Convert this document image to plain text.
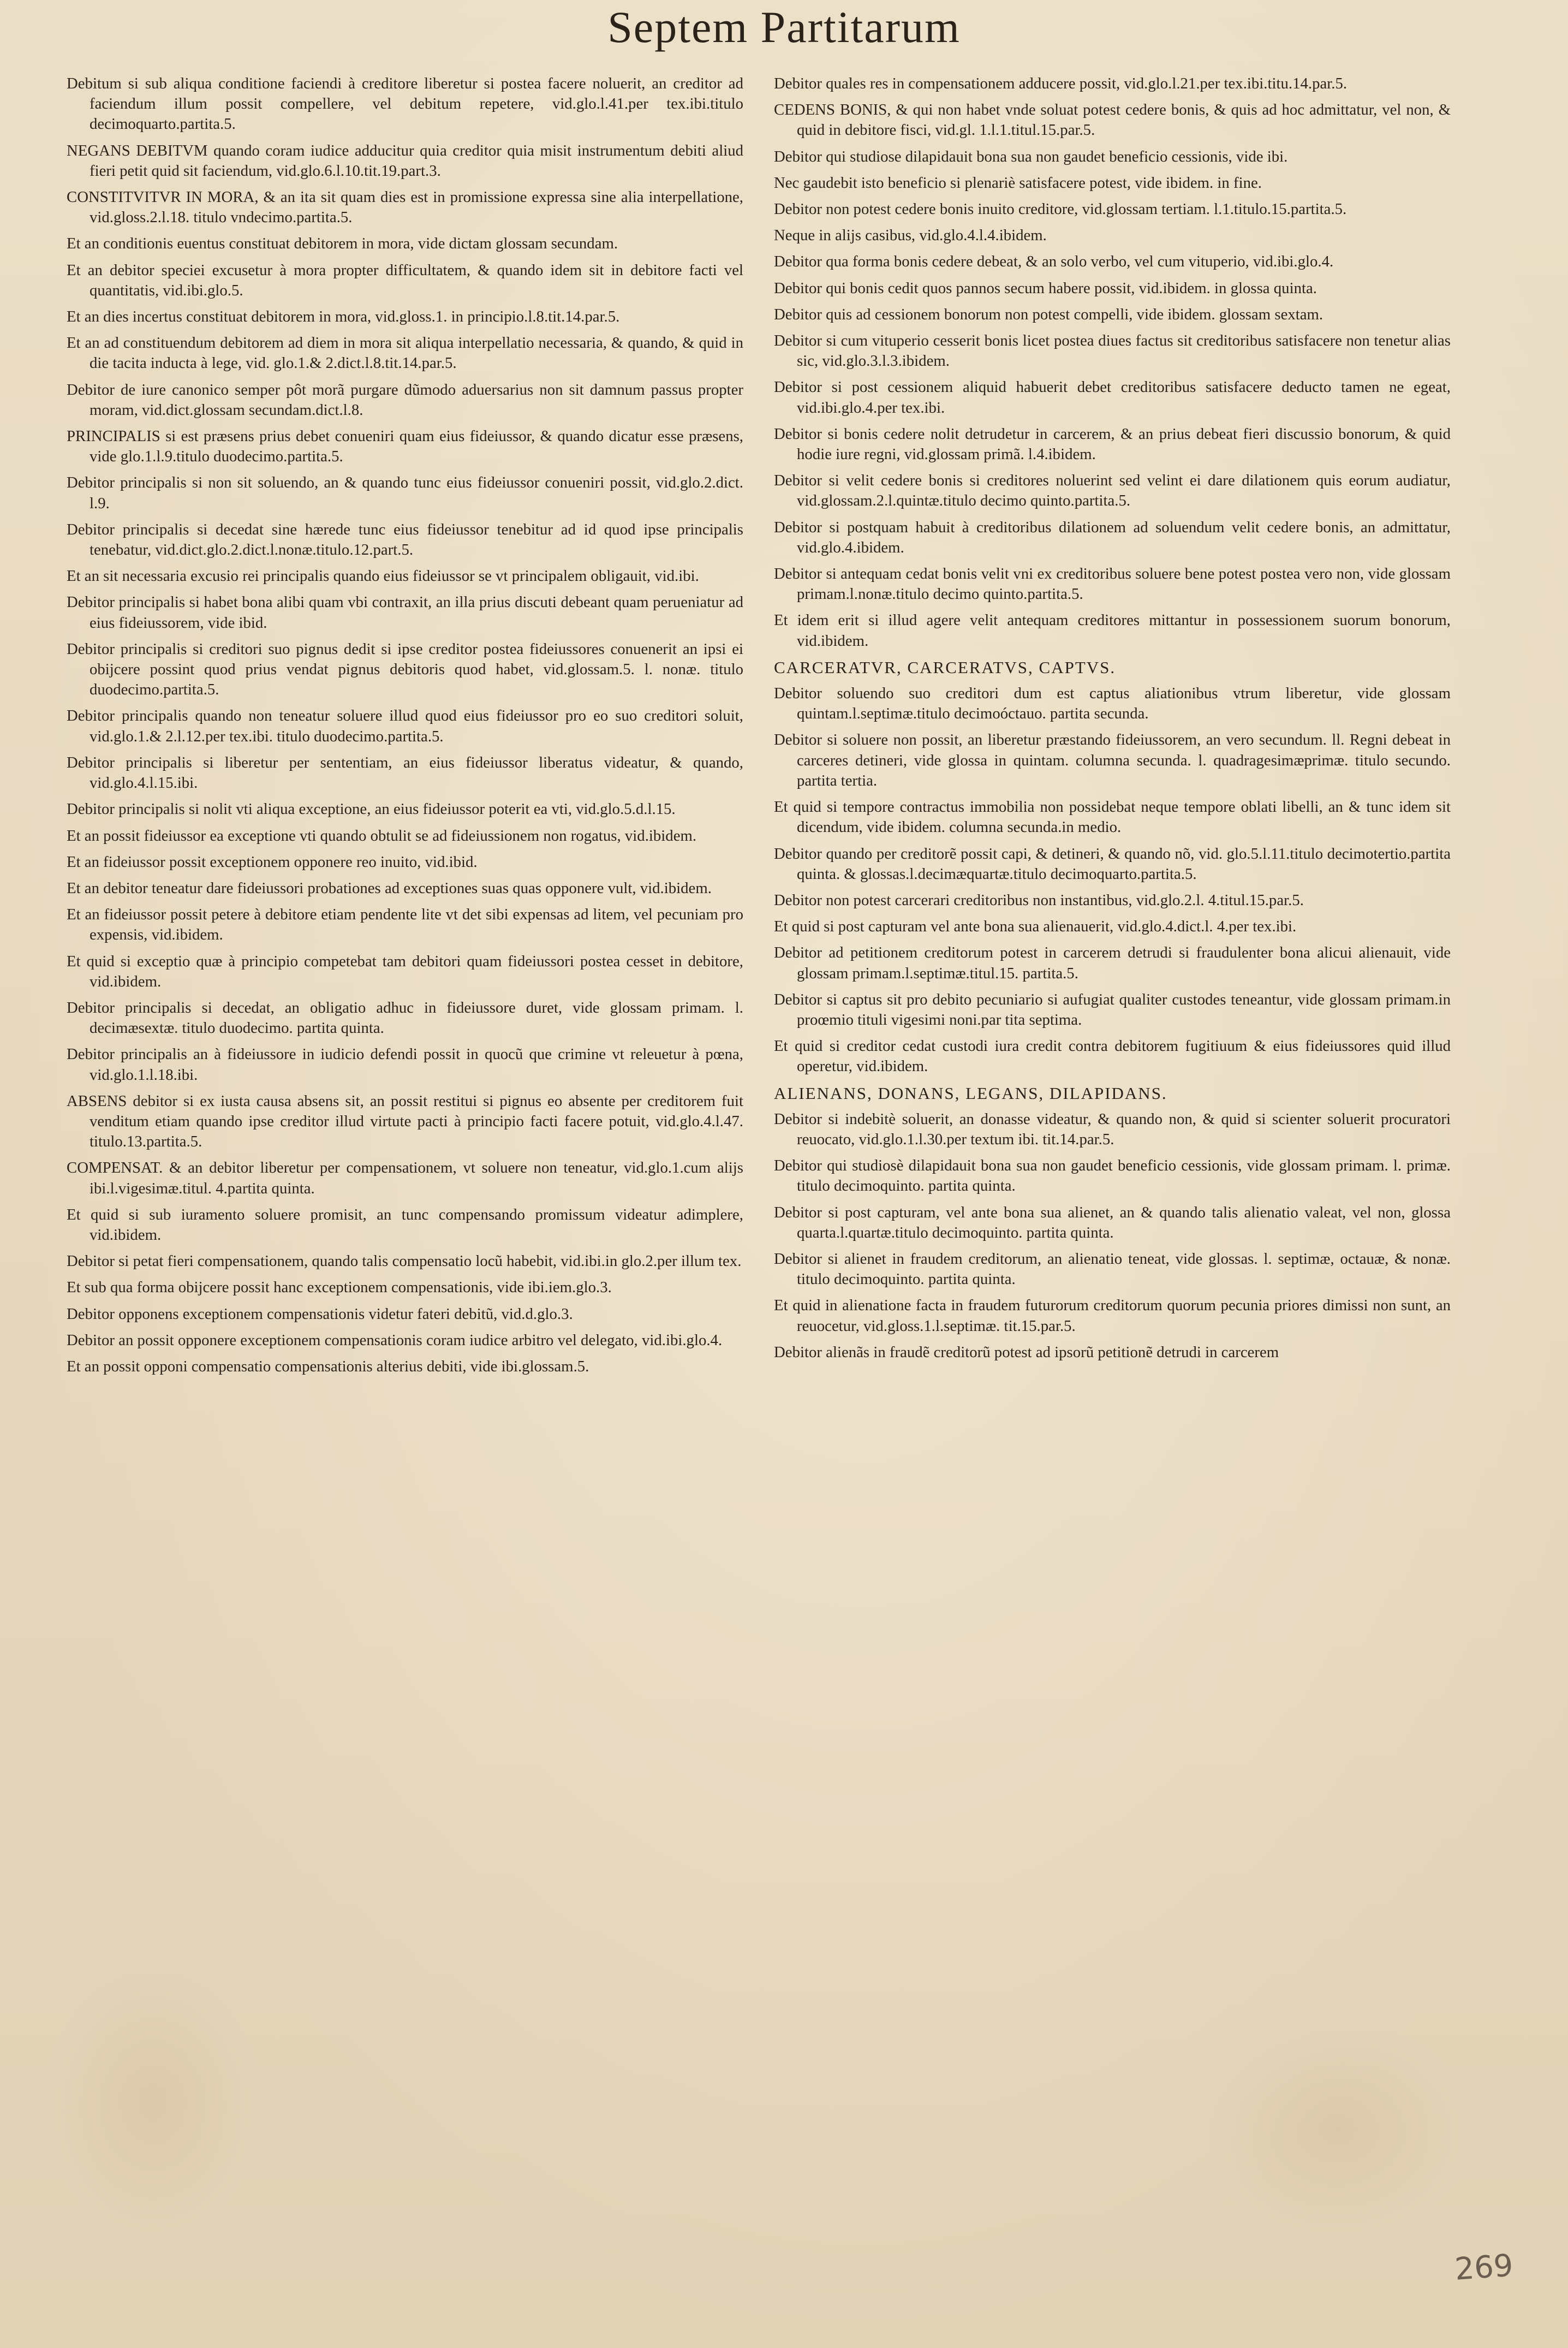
Septem Partitarum

Debitum si sub aliqua conditione faciendi à creditore liberetur si postea facere noluerit, an creditor ad faciendum illum possit compellere, vel debitum repetere, vid.glo.l.41.per tex.ibi.titulo decimoquarto.partita.5.

NEGANS DEBITVM quando coram iudice adducitur quia creditor quia misit instrumentum debiti aliud fieri petit quid sit faciendum, vid.glo.6.l.10.tit.19.part.3.

CONSTITVITVR IN MORA, & an ita sit quam dies est in promissione expressa sine alia interpellatione, vid.gloss.2.l.18. titulo vndecimo.partita.5.

Et an conditionis euentus constituat debitorem in mora, vide dictam glossam secundam.

Et an debitor speciei excusetur à mora propter difficultatem, & quando idem sit in debitore facti vel quantitatis, vid.ibi.glo.5.

Et an dies incertus constituat debitorem in mora, vid.gloss.1. in principio.l.8.tit.14.par.5.

Et an ad constituendum debitorem ad diem in mora sit aliqua interpellatio necessaria, & quando, & quid in die tacita inducta à lege, vid. glo.1.& 2.dict.l.8.tit.14.par.5.

Debitor de iure canonico semper pôt morã purgare dũmodo aduersarius non sit damnum passus propter moram, vid.dict.glossam secundam.dict.l.8.

PRINCIPALIS si est præsens prius debet conueniri quam eius fideiussor, & quando dicatur esse præsens, vide glo.1.l.9.titulo duodecimo.partita.5.

Debitor principalis si non sit soluendo, an & quando tunc eius fideiussor conueniri possit, vid.glo.2.dict. l.9.

Debitor principalis si decedat sine hærede tunc eius fideiussor tenebitur ad id quod ipse principalis tenebatur, vid.dict.glo.2.dict.l.nonæ.titulo.12.part.5.

Et an sit necessaria excusio rei principalis quando eius fideiussor se vt principalem obligauit, vid.ibi.

Debitor principalis si habet bona alibi quam vbi contraxit, an illa prius discuti debeant quam perueniatur ad eius fideiussorem, vide ibid.

Debitor principalis si creditori suo pignus dedit si ipse creditor postea fideiussores conuenerit an ipsi ei obijcere possint quod prius vendat pignus debitoris quod habet, vid.glossam.5. l. nonæ. titulo duodecimo.partita.5.

Debitor principalis quando non teneatur soluere illud quod eius fideiussor pro eo suo creditori soluit, vid.glo.1.& 2.l.12.per tex.ibi. titulo duodecimo.partita.5.

Debitor principalis si liberetur per sententiam, an eius fideiussor liberatus videatur, & quando, vid.glo.4.l.15.ibi.

Debitor principalis si nolit vti aliqua exceptione, an eius fideiussor poterit ea vti, vid.glo.5.d.l.15.

Et an possit fideiussor ea exceptione vti quando obtulit se ad fideiussionem non rogatus, vid.ibidem.

Et an fideiussor possit exceptionem opponere reo inuito, vid.ibid.

Et an debitor teneatur dare fideiussori probationes ad exceptiones suas quas opponere vult, vid.ibidem.

Et an fideiussor possit petere à debitore etiam pendente lite vt det sibi expensas ad litem, vel pecuniam pro expensis, vid.ibidem.

Et quid si exceptio quæ à principio competebat tam debitori quam fideiussori postea cesset in debitore, vid.ibidem.

Debitor principalis si decedat, an obligatio adhuc in fideiussore duret, vide glossam primam. l. decimæsextæ. titulo duodecimo. partita quinta.

Debitor principalis an à fideiussore in iudicio defendi possit in quocũ que crimine vt releuetur à pœna, vid.glo.1.l.18.ibi.

ABSENS debitor si ex iusta causa absens sit, an possit restitui si pignus eo absente per creditorem fuit venditum etiam quando ipse creditor illud virtute pacti à principio facti facere potuit, vid.glo.4.l.47. titulo.13.partita.5.

COMPENSAT. & an debitor liberetur per compensationem, vt soluere non teneatur, vid.glo.1.cum alijs ibi.l.vigesimæ.titul. 4.partita quinta.

Et quid si sub iuramento soluere promisit, an tunc compensando promissum videatur adimplere, vid.ibidem.

Debitor si petat fieri compensationem, quando talis compensatio locũ habebit, vid.ibi.in glo.2.per illum tex.

Et sub qua forma obijcere possit hanc exceptionem compensationis, vide ibi.iem.glo.3.

Debitor opponens exceptionem compensationis videtur fateri debitũ, vid.d.glo.3.

Debitor an possit opponere exceptionem compensationis coram iudice arbitro vel delegato, vid.ibi.glo.4.

Et an possit opponi compensatio compensationis alterius debiti, vide ibi.glossam.5.

Debitor quales res in compensationem adducere possit, vid.glo.l.21.per tex.ibi.titu.14.par.5.

CEDENS BONIS, & qui non habet vnde soluat potest cedere bonis, & quis ad hoc admittatur, vel non, & quid in debitore fisci, vid.gl. 1.l.1.titul.15.par.5.

Debitor qui studiose dilapidauit bona sua non gaudet beneficio cessionis, vide ibi.

Nec gaudebit isto beneficio si plenariè satisfacere potest, vide ibidem. in fine.

Debitor non potest cedere bonis inuito creditore, vid.glossam tertiam. l.1.titulo.15.partita.5.

Neque in alijs casibus, vid.glo.4.l.4.ibidem.

Debitor qua forma bonis cedere debeat, & an solo verbo, vel cum vituperio, vid.ibi.glo.4.

Debitor qui bonis cedit quos pannos secum habere possit, vid.ibidem. in glossa quinta.

Debitor quis ad cessionem bonorum non potest compelli, vide ibidem. glossam sextam.

Debitor si cum vituperio cesserit bonis licet postea diues factus sit creditoribus satisfacere non tenetur alias sic, vid.glo.3.l.3.ibidem.

Debitor si post cessionem aliquid habuerit debet creditoribus satisfacere deducto tamen ne egeat, vid.ibi.glo.4.per tex.ibi.

Debitor si bonis cedere nolit detrudetur in carcerem, & an prius debeat fieri discussio bonorum, & quid hodie iure regni, vid.glossam primã. l.4.ibidem.

Debitor si velit cedere bonis si creditores noluerint sed velint ei dare dilationem quis eorum audiatur, vid.glossam.2.l.quintæ.titulo decimo quinto.partita.5.

Debitor si postquam habuit à creditoribus dilationem ad soluendum velit cedere bonis, an admittatur, vid.glo.4.ibidem.

Debitor si antequam cedat bonis velit vni ex creditoribus soluere bene potest postea vero non, vide glossam primam.l.nonæ.titulo decimo quinto.partita.5.

Et idem erit si illud agere velit antequam creditores mittantur in possessionem suorum bonorum, vid.ibidem.

CARCERATVR, CARCERATVS, CAPTVS.

Debitor soluendo suo creditori dum est captus aliationibus vtrum liberetur, vide glossam quintam.l.septimæ.titulo decimoóctauo. partita secunda.

Debitor si soluere non possit, an liberetur præstando fideiussorem, an vero secundum. ll. Regni debeat in carceres detineri, vide glossa in quintam. columna secunda. l. quadragesimæprimæ. titulo secundo. partita tertia.

Et quid si tempore contractus immobilia non possidebat neque tempore oblati libelli, an & tunc idem sit dicendum, vide ibidem. columna secunda.in medio.

Debitor quando per creditorẽ possit capi, & detineri, & quando nõ, vid. glo.5.l.11.titulo decimotertio.partita quinta. & glossas.l.decimæquartæ.titulo decimoquarto.partita.5.

Debitor non potest carcerari creditoribus non instantibus, vid.glo.2.l. 4.titul.15.par.5.

Et quid si post capturam vel ante bona sua alienauerit, vid.glo.4.dict.l. 4.per tex.ibi.

Debitor ad petitionem creditorum potest in carcerem detrudi si fraudulenter bona alicui alienauit, vide glossam primam.l.septimæ.titul.15. partita.5.

Debitor si captus sit pro debito pecuniario si aufugiat qualiter custodes teneantur, vide glossam primam.in proœmio tituli vigesimi noni.par tita septima.

Et quid si creditor cedat custodi iura credit contra debitorem fugitiuum & eius fideiussores quid illud operetur, vid.ibidem.

ALIENANS, DONANS, LEGANS, DILAPIDANS.

Debitor si indebitè soluerit, an donasse videatur, & quando non, & quid si scienter soluerit procuratori reuocato, vid.glo.1.l.30.per textum ibi. tit.14.par.5.

Debitor qui studiosè dilapidauit bona sua non gaudet beneficio cessionis, vide glossam primam. l. primæ. titulo decimoquinto. partita quinta.

Debitor si post capturam, vel ante bona sua alienet, an & quando talis alienatio valeat, vel non, glossa quarta.l.quartæ.titulo decimoquinto. partita quinta.

Debitor si alienet in fraudem creditorum, an alienatio teneat, vide glossas. l. septimæ, octauæ, & nonæ. titulo decimoquinto. partita quinta.

Et quid in alienatione facta in fraudem futurorum creditorum quorum pecunia priores dimissi non sunt, an reuocetur, vid.gloss.1.l.septimæ. tit.15.par.5.

Debitor alienãs in fraudẽ creditorũ potest ad ipsorũ petitionẽ detrudi in carcerem

269
